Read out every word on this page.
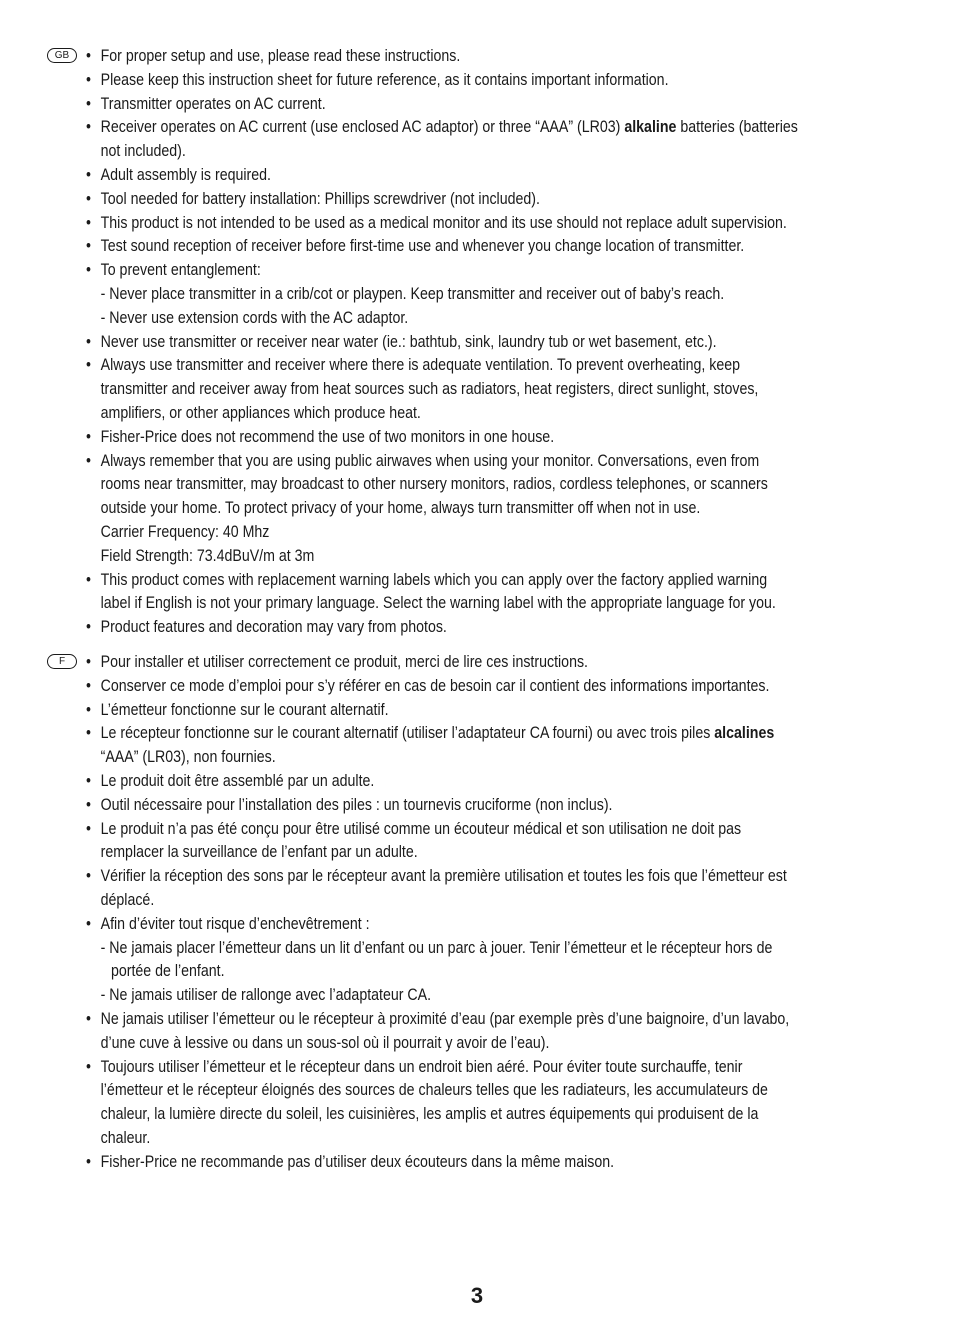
GB	• For proper setup and use, please read these instructions.
• Please keep this instruction sheet for future reference, as it contains important information.
• Transmitter operates on AC current.
• Receiver operates on AC current (use enclosed AC adaptor) or three “AAA” (LR03) alkaline batteries (batteries not included).
• Adult assembly is required.
• Tool needed for battery installation: Phillips screwdriver (not included).
• This product is not intended to be used as a medical monitor and its use should not replace adult supervision.
• Test sound reception of receiver before first-time use and whenever you change location of transmitter.
• To prevent entanglement:
- Never place transmitter in a crib/cot or playpen. Keep transmitter and receiver out of baby’s reach.
- Never use extension cords with the AC adaptor.
• Never use transmitter or receiver near water (ie.: bathtub, sink, laundry tub or wet basement, etc.).
• Always use transmitter and receiver where there is adequate ventilation. To prevent overheating, keep transmitter and receiver away from heat sources such as radiators, heat registers, direct sunlight, stoves, amplifiers, or other appliances which produce heat.
• Fisher-Price does not recommend the use of two monitors in one house.
• Always remember that you are using public airwaves when using your monitor. Conversations, even from rooms near transmitter, may broadcast to other nursery monitors, radios, cordless telephones, or scanners outside your home. To protect privacy of your home, always turn transmitter off when not in use.
Carrier Frequency: 40 Mhz
Field Strength: 73.4dBuV/m at 3m
• This product comes with replacement warning labels which you can apply over the factory applied warning label if English is not your primary language. Select the warning label with the appropriate language for you.
• Product features and decoration may vary from photos.
F	• Pour installer et utiliser correctement ce produit, merci de lire ces instructions.
• Conserver ce mode d’emploi pour s’y référer en cas de besoin car il contient des informations importantes.
• L’émetteur fonctionne sur le courant alternatif.
• Le récepteur fonctionne sur le courant alternatif (utiliser l’adaptateur CA fourni) ou avec trois piles alcalines “AAA” (LR03), non fournies.
• Le produit doit être assemblé par un adulte.
• Outil nécessaire pour l’installation des piles : un tournevis cruciforme (non inclus).
• Le produit n’a pas été conçu pour être utilisé comme un écouteur médical et son utilisation ne doit pas remplacer la surveillance de l’enfant par un adulte.
• Vérifier la réception des sons par le récepteur avant la première utilisation et toutes les fois que l’émetteur est déplacé.
• Afin d’éviter tout risque d’enchevêtrement :
- Ne jamais placer l’émetteur dans un lit d’enfant ou un parc à jouer. Tenir l’émetteur et le récepteur hors de portée de l’enfant.
- Ne jamais utiliser de rallonge avec l’adaptateur CA.
• Ne jamais utiliser l’émetteur ou le récepteur à proximité d’eau (par exemple près d’une baignoire, d’un lavabo, d’une cuve à lessive ou dans un sous-sol où il pourrait y avoir de l’eau).
• Toujours utiliser l’émetteur et le récepteur dans un endroit bien aéré. Pour éviter toute surchauffe, tenir l’émetteur et le récepteur éloignés des sources de chaleurs telles que les radiateurs, les accumulateurs de chaleur, la lumière directe du soleil, les cuisinières, les amplis et autres équipements qui produisent de la chaleur.
• Fisher-Price ne recommande pas d’utiliser deux écouteurs dans la même maison.
3
